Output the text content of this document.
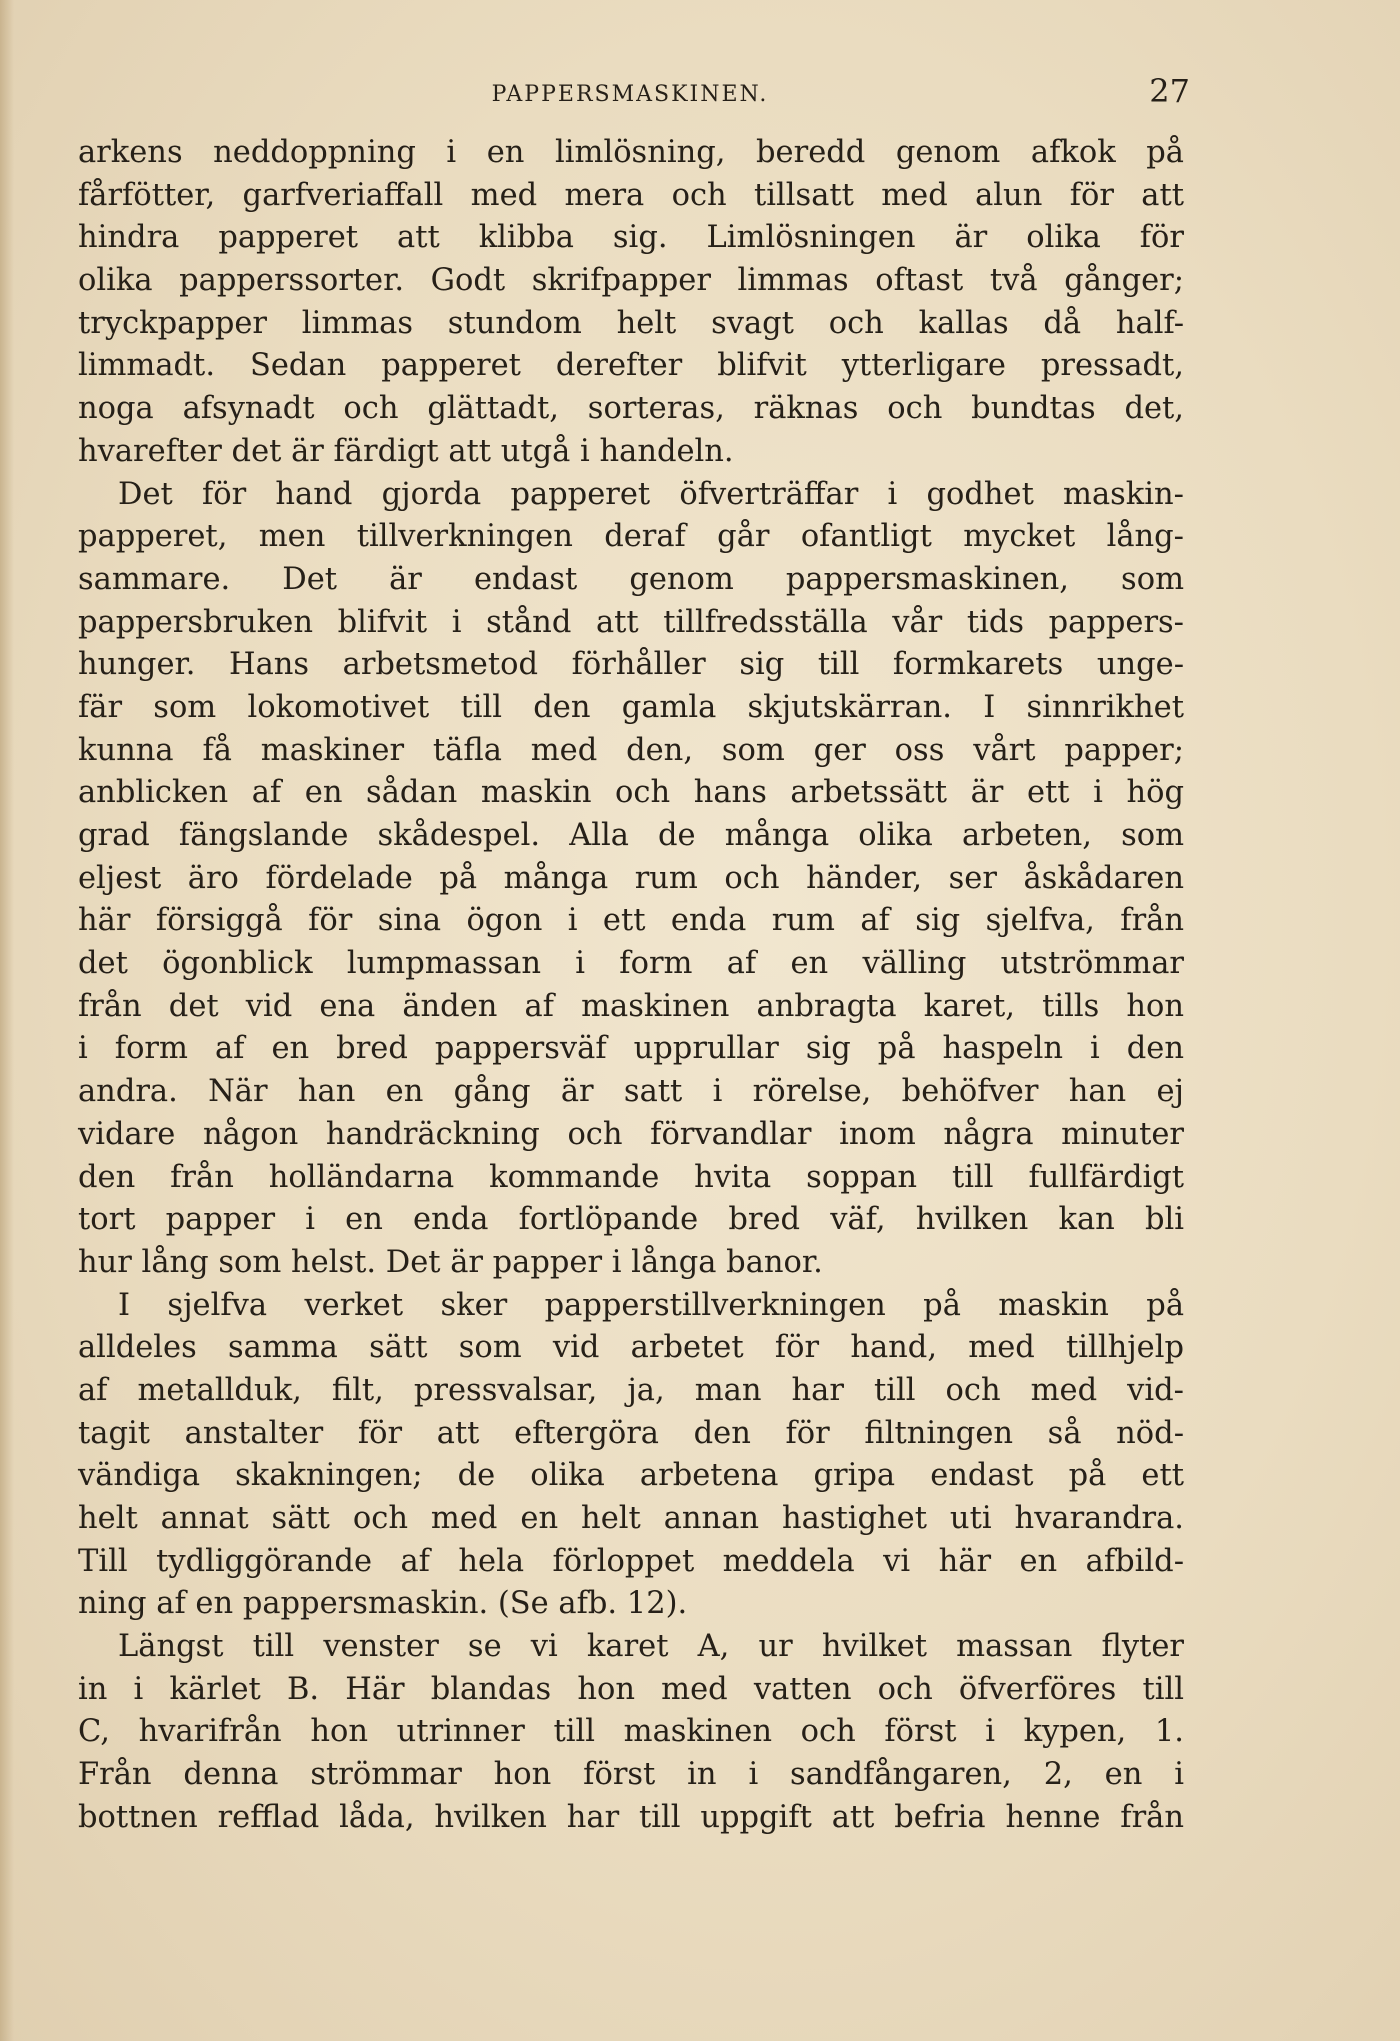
PAPPERSMASKINEN.	27
arkens neddoppning i en limlösning, beredd genom afkok på
fårfötter, garfveriaffall med mera och tillsatt med alun för att
hindra papperet att klibba sig. Limlösningen är olika för
olika papperssorter. Godt skrifpapper limmas oftast två gånger;
tryckpapper limmas stundom helt svagt och kallas då half-
limmadt. Sedan papperet derefter blifvit ytterligare pressadt,
noga afsynadt och glättadt, sorteras, räknas och bundtas det,
hvarefter det är färdigt att utgå i handeln.
Det för hand gjorda papperet öfverträffar i godhet maskin-
papperet, men tillverkningen deraf går ofantligt mycket lång-
sammare. Det är endast genom pappersmaskinen, som
pappersbruken blifvit i stånd att tillfredsställa vår tids pappers-
hunger. Hans arbetsmetod förhåller sig till formkarets unge-
fär som lokomotivet till den gamla skjutskärran. I sinnrikhet
kunna få maskiner täfla med den, som ger oss vårt papper;
anblicken af en sådan maskin och hans arbetssätt är ett i hög
grad fängslande skådespel. Alla de många olika arbeten, som
eljest äro fördelade på många rum och händer, ser åskådaren
här försiggå för sina ögon i ett enda rum af sig sjelfva, från
det ögonblick lumpmassan i form af en välling utströmmar
från det vid ena änden af maskinen anbragta karet, tills hon
i form af en bred pappersväf upprullar sig på haspeln i den
andra. När han en gång är satt i rörelse, behöfver han ej
vidare någon handräckning och förvandlar inom några minuter
den från holländarna kommande hvita soppan till fullfärdigt
tort papper i en enda fortlöpande bred väf, hvilken kan bli
hur lång som helst. Det är papper i långa banor.
I sjelfva verket sker papperstillverkningen på maskin på
alldeles samma sätt som vid arbetet för hand, med tillhjelp
af metallduk, filt, pressvalsar, ja, man har till och med vid-
tagit anstalter för att eftergöra den för filtningen så nöd-
vändiga skakningen; de olika arbetena gripa endast på ett
helt annat sätt och med en helt annan hastighet uti hvarandra.
Till tydliggörande af hela förloppet meddela vi här en afbild-
ning af en pappersmaskin. (Se afb. 12).
Längst till venster se vi karet A, ur hvilket massan flyter
in i kärlet B. Här blandas hon med vatten och öfverföres till
C, hvarifrån hon utrinner till maskinen och först i kypen, 1.
Från denna strömmar hon först in i sandfångaren, 2, en i
bottnen refflad låda, hvilken har till uppgift att befria henne från
